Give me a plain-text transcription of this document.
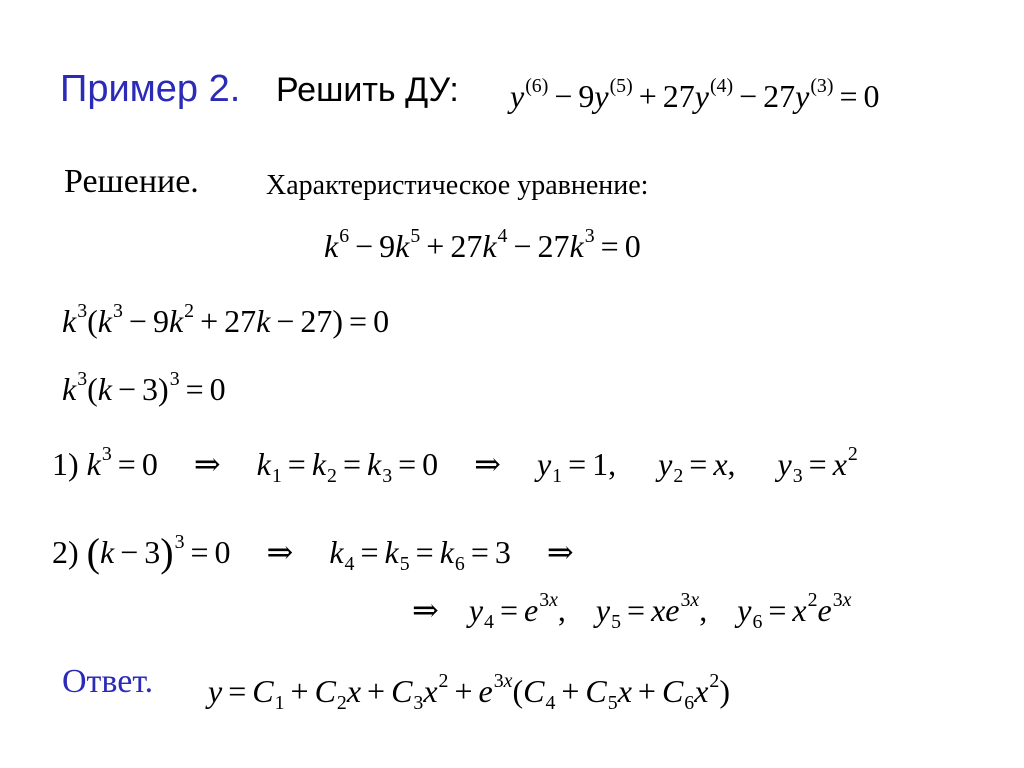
Пример 2. Решить ДУ: $y^{(6)} - 9y^{(5)} + 27y^{(4)} - 27y^{(3)} = 0$
Решение. Характеристическое уравнение:
$k^6 - 9k^5 + 27k^4 - 27k^3 = 0$
$k^3(k^3 - 9k^2 + 27k - 27) = 0$
$k^3(k - 3)^3 = 0$
1) $k^3 = 0$ ⇒ $k_1 = k_2 = k_3 = 0$ ⇒ $y_1 = 1$, $y_2 = x$, $y_3 = x^2$
2) $(k - 3)^3 = 0$ ⇒ $k_4 = k_5 = k_6 = 3$ ⇒
⇒ $y_4 = e^{3x}$, $y_5 = xe^{3x}$, $y_6 = x^2e^{3x}$
Ответ. $y = C_1 + C_2x + C_3x^2 + e^{3x}(C_4 + C_5x + C_6x^2)$
